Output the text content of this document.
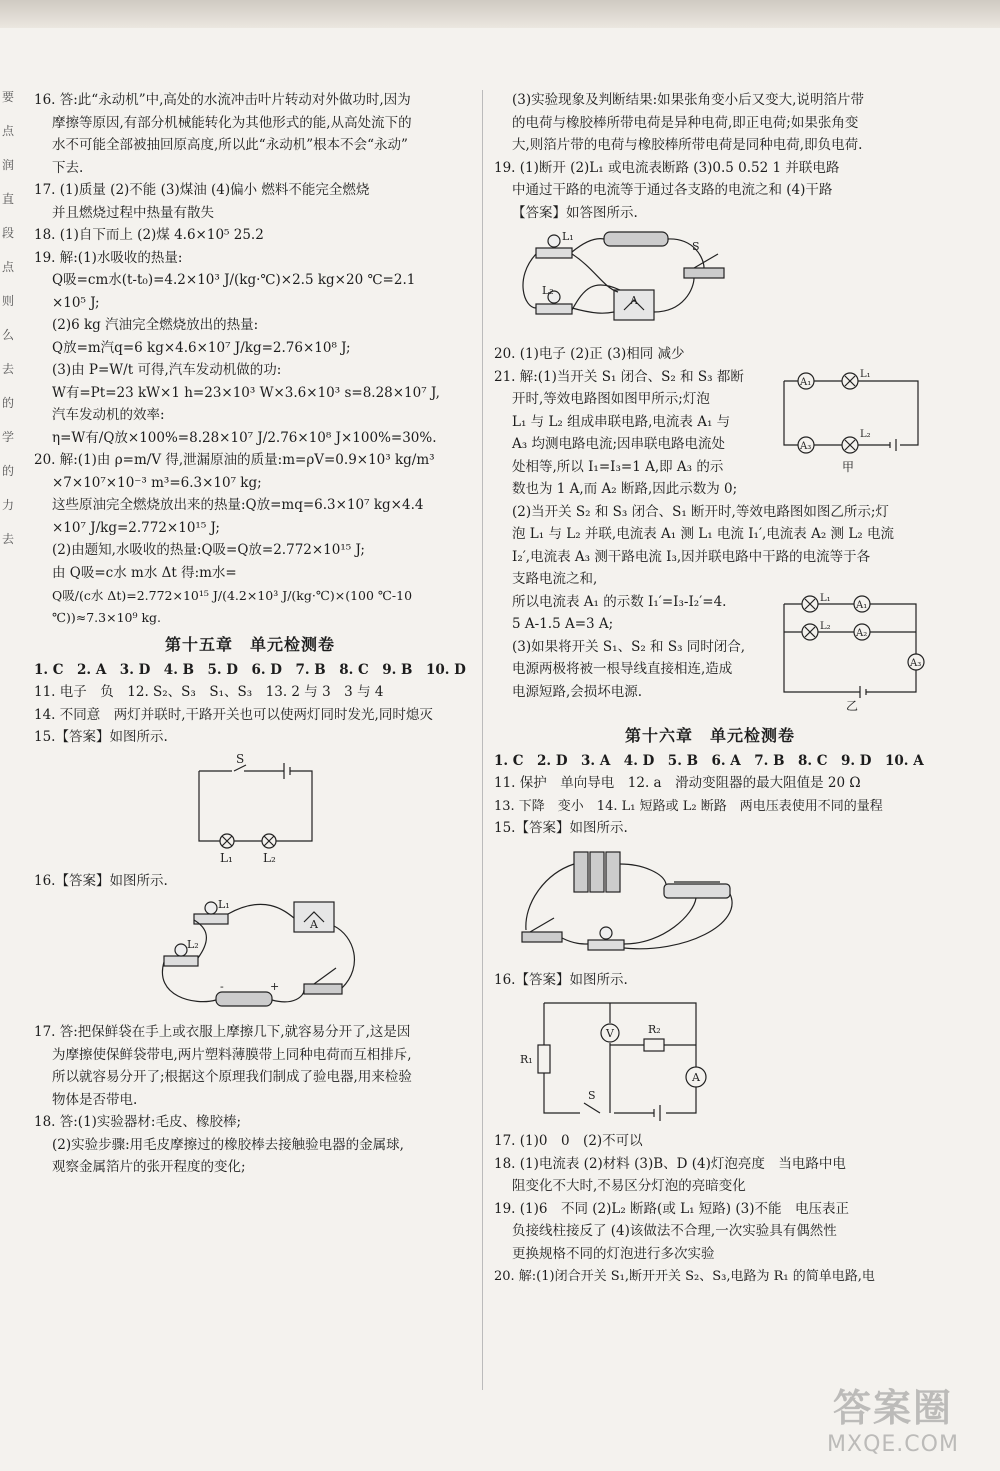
要
点
润
直
段
点
则
么
去
的
学
的
力
去
16. 答:此“永动机”中,高处的水流冲击叶片转动对外做功时,因为
摩擦等原因,有部分机械能转化为其他形式的能,从高处流下的
水不可能全部被抽回原高度,所以此“永动机”根本不会“永动”
下去.
17. (1)质量 (2)不能 (3)煤油 (4)偏小 燃料不能完全燃烧
并且燃烧过程中热量有散失
18. (1)自下而上 (2)煤 4.6×10⁵ 25.2
19. 解:(1)水吸收的热量:
Q吸=cm水(t-t₀)=4.2×10³ J/(kg·℃)×2.5 kg×20 ℃=2.1
×10⁵ J;
(2)6 kg 汽油完全燃烧放出的热量:
Q放=m汽q=6 kg×4.6×10⁷ J/kg=2.76×10⁸ J;
(3)由 P=W/t 可得,汽车发动机做的功:
W有=Pt=23 kW×1 h=23×10³ W×3.6×10³ s=8.28×10⁷ J,
汽车发动机的效率:
η=W有/Q放×100%=8.28×10⁷ J/2.76×10⁸ J×100%=30%.
20. 解:(1)由 ρ=m/V 得,泄漏原油的质量:m=ρV=0.9×10³ kg/m³
×7×10⁷×10⁻³ m³=6.3×10⁷ kg;
这些原油完全燃烧放出来的热量:Q放=mq=6.3×10⁷ kg×4.4
×10⁷ J/kg=2.772×10¹⁵ J;
(2)由题知,水吸收的热量:Q吸=Q放=2.772×10¹⁵ J;
由 Q吸=c水 m水 Δt 得:m水=
Q吸/(c水 Δt)=2.772×10¹⁵ J/(4.2×10³ J/(kg·℃)×(100 ℃-10 ℃))≈7.3×10⁹ kg.
第十五章　单元检测卷
1. C　2. A　3. D　4. B　5. D　6. D　7. B　8. C　9. B　10. D
11. 电子　负　12. S₂、S₃　S₁、S₃　13. 2 与 3　3 与 4
14. 不同意　两灯并联时,干路开关也可以使两灯同时发光,同时熄灭
15.【答案】如图所示.
S
L₁	L₂
16.【答案】如图所示.
L₁
L₂
A
-	+
17. 答:把保鲜袋在手上或衣服上摩擦几下,就容易分开了,这是因
为摩擦使保鲜袋带电,两片塑料薄膜带上同种电荷而互相排斥,
所以就容易分开了;根据这个原理我们制成了验电器,用来检验
物体是否带电.
18. 答:(1)实验器材:毛皮、橡胶棒;
(2)实验步骤:用毛皮摩擦过的橡胶棒去接触验电器的金属球,
观察金属箔片的张开程度的变化;
(3)实验现象及判断结果:如果张角变小后又变大,说明箔片带
的电荷与橡胶棒所带电荷是异种电荷,即正电荷;如果张角变
大,则箔片带的电荷与橡胶棒所带电荷是同种电荷,即负电荷.
19. (1)断开 (2)L₁ 或电流表断路 (3)0.5 0.52 1 并联电路
中通过干路的电流等于通过各支路的电流之和 (4)干路
【答案】如答图所示.
L₁
L₂
A
S
20. (1)电子 (2)正 (3)相同 减少
A₁
L₁
A₃
L₂
甲
21. 解:(1)当开关 S₁ 闭合、S₂ 和 S₃ 都断
开时,等效电路图如图甲所示;灯泡
L₁ 与 L₂ 组成串联电路,电流表 A₁ 与
A₃ 均测电路电流;因串联电路电流处
处相等,所以 I₁=I₃=1 A,即 A₃ 的示
数也为 1 A,而 A₂ 断路,因此示数为 0;
(2)当开关 S₂ 和 S₃ 闭合、S₁ 断开时,等效电路图如图乙所示;灯
泡 L₁ 与 L₂ 并联,电流表 A₁ 测 L₁ 电流 I₁′,电流表 A₂ 测 L₂ 电流
I₂′,电流表 A₃ 测干路电流 I₃,因并联电路中干路的电流等于各
支路电流之和,
L₁
A₁
L₂
A₂
A₃
乙
所以电流表 A₁ 的示数 I₁′=I₃-I₂′=4.
5 A-1.5 A=3 A;
(3)如果将开关 S₁、S₂ 和 S₃ 同时闭合,
电源两极将被一根导线直接相连,造成
电源短路,会损坏电源.
第十六章　单元检测卷
1. C　2. D　3. A　4. D　5. B　6. A　7. B　8. C　9. D　10. A
11. 保护　单向导电　12. a　滑动变阻器的最大阻值是 20 Ω
13. 下降　变小　14. L₁ 短路或 L₂ 断路　两电压表使用不同的量程
15.【答案】如图所示.
16.【答案】如图所示.
V	R₂
R₁
A
S
17. (1)0　0　(2)不可以
18. (1)电流表 (2)材料 (3)B、D (4)灯泡亮度　当电路中电
阻变化不大时,不易区分灯泡的亮暗变化
19. (1)6　不同 (2)L₂ 断路(或 L₁ 短路) (3)不能　电压表正
负接线柱接反了 (4)该做法不合理,一次实验具有偶然性
更换规格不同的灯泡进行多次实验
20. 解:(1)闭合开关 S₁,断开开关 S₂、S₃,电路为 R₁ 的简单电路,电
答案圈
MXQE.COM
